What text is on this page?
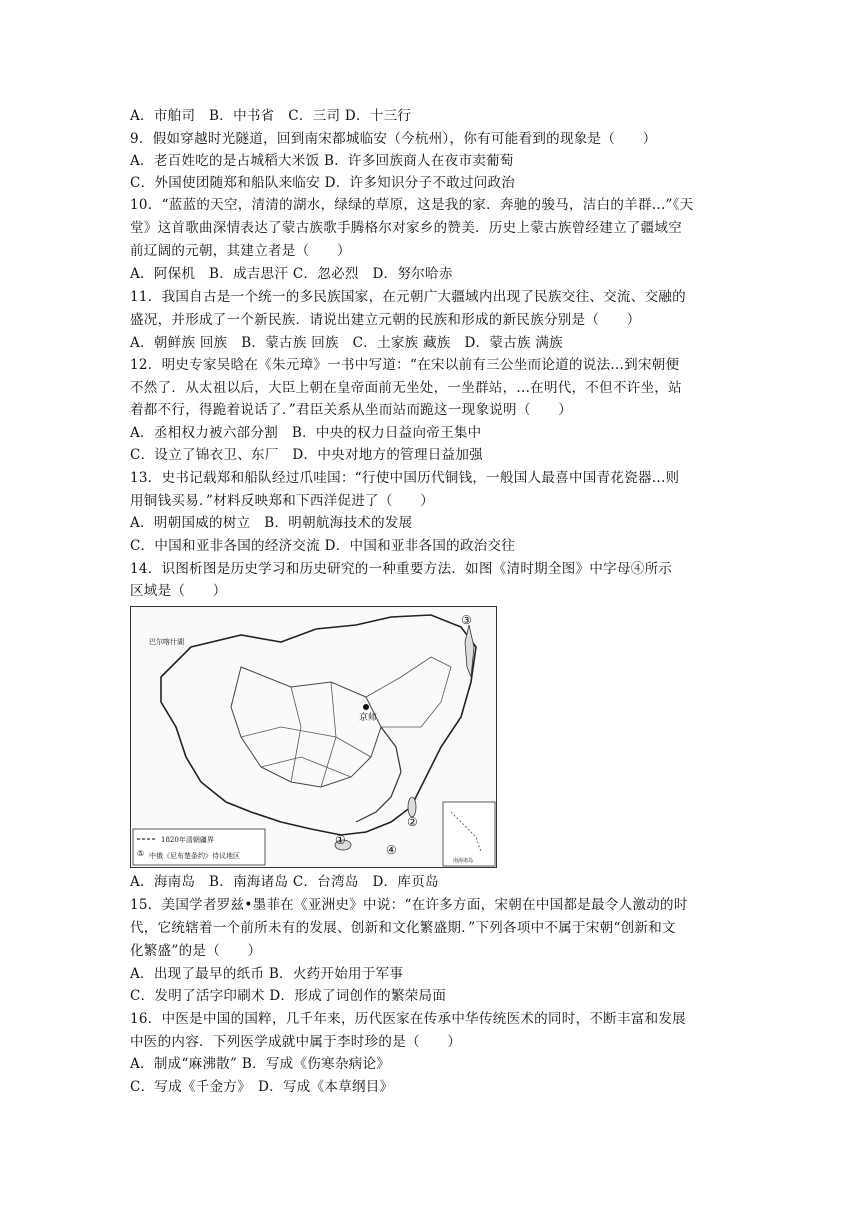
A．市舶司　B．中书省　C．三司 D．十三行
9．假如穿越时光隧道，回到南宋都城临安（今杭州），你有可能看到的现象是（　　）
A．老百姓吃的是占城稻大米饭 B．许多回族商人在夜市卖葡萄
C．外国使团随郑和船队来临安 D．许多知识分子不敢过问政治
10．“蓝蓝的天空，清清的湖水，绿绿的草原，这是我的家．奔驰的骏马，洁白的羊群...”《天
堂》这首歌曲深情表达了蒙古族歌手腾格尔对家乡的赞美．历史上蒙古族曾经建立了疆域空
前辽阔的元朝，其建立者是（　　）
A．阿保机　B．成吉思汗 C．忽必烈　D．努尔哈赤
11．我国自古是一个统一的多民族国家，在元朝广大疆域内出现了民族交往、交流、交融的
盛况，并形成了一个新民族．请说出建立元朝的民族和形成的新民族分别是（　　）
A．朝鲜族 回族　B．蒙古族 回族　C．土家族 藏族　D．蒙古族 满族
12．明史专家吴晗在《朱元璋》一书中写道：“在宋以前有三公坐而论道的说法...到宋朝便
不然了．从太祖以后，大臣上朝在皇帝面前无坐处，一坐群站，...在明代，不但不许坐，站
着都不行，得跪着说话了．”君臣关系从坐而站而跪这一现象说明（　　）
A．丞相权力被六部分割　B．中央的权力日益向帝王集中
C．设立了锦衣卫、东厂　D．中央对地方的管理日益加强
13．史书记载郑和船队经过爪哇国：“行使中国历代铜钱，一般国人最喜中国青花瓷器...则
用铜钱买易．”材料反映郑和下西洋促进了（　　）
A．明朝国威的树立　B．明朝航海技术的发展
C．中国和亚非各国的经济交流 D．中国和亚非各国的政治交往
14．识图析图是历史学习和历史研究的一种重要方法．如图《清时期全图》中字母④所示
区域是（　　）
京师
巴尔喀什湖
①
②
③
④
1820年清朝疆界
⑤ 中俄《尼布楚条约》待议地区
南海诸岛
A．海南岛　B．南海诸岛 C．台湾岛　D．库页岛
15．美国学者罗兹•墨菲在《亚洲史》中说：“在许多方面，宋朝在中国都是最令人激动的时
代，它统辖着一个前所未有的发展、创新和文化繁盛期．”下列各项中不属于宋朝“创新和文
化繁盛”的是（　　）
A．出现了最早的纸币 B．火药开始用于军事
C．发明了活字印刷术 D．形成了词创作的繁荣局面
16．中医是中国的国粹，几千年来，历代医家在传承中华传统医术的同时，不断丰富和发展
中医的内容．下列医学成就中属于李时珍的是（　　）
A．制成“麻沸散” B．写成《伤寒杂病论》
C．写成《千金方》　D．写成《本草纲目》
